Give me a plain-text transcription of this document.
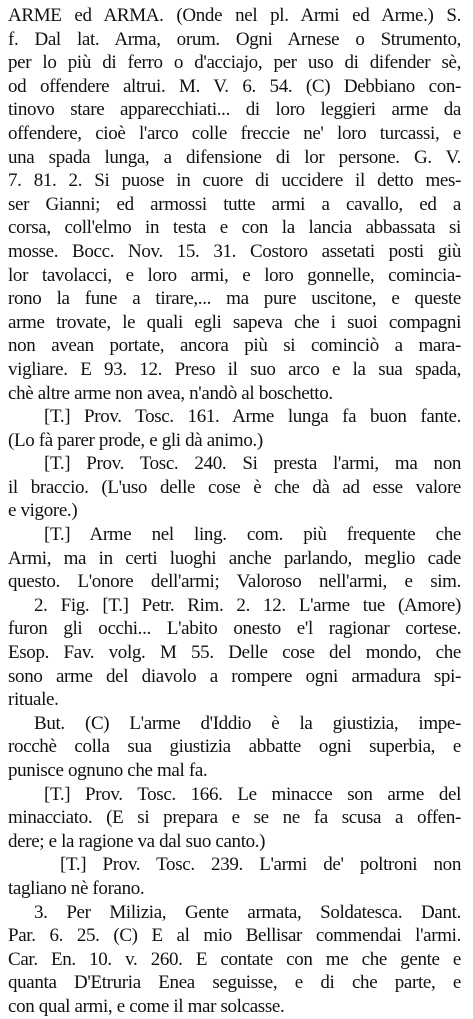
ARME ed ARMA. (Onde nel pl. Armi ed Arme.) S.
f. Dal lat. Arma, orum. Ogni Arnese o Strumento,
per lo più di ferro o d'acciajo, per uso di difender sè,
od offendere altrui. M. V. 6. 54. (C) Debbiano con-
tinovo stare apparecchiati... di loro leggieri arme da
offendere, cioè l'arco colle freccie ne' loro turcassi, e
una spada lunga, a difensione di lor persone. G. V.
7. 81. 2. Si puose in cuore di uccidere il detto mes-
ser Gianni; ed armossi tutte armi a cavallo, ed a
corsa, coll'elmo in testa e con la lancia abbassata si
mosse. Bocc. Nov. 15. 31. Costoro assetati posti giù
lor tavolacci, e loro armi, e loro gonnelle, comincia-
rono la fune a tirare,... ma pure uscitone, e queste
arme trovate, le quali egli sapeva che i suoi compagni
non avean portate, ancora più si cominciò a mara-
vigliare. E 93. 12. Preso il suo arco e la sua spada,
chè altre arme non avea, n'andò al boschetto.
[T.] Prov. Tosc. 161. Arme lunga fa buon fante.
(Lo fà parer prode, e gli dà animo.)
[T.] Prov. Tosc. 240. Si presta l'armi, ma non
il braccio. (L'uso delle cose è che dà ad esse valore
e vigore.)
[T.] Arme nel ling. com. più frequente che
Armi, ma in certi luoghi anche parlando, meglio cade
questo. L'onore dell'armi; Valoroso nell'armi, e sim.
2. Fig. [T.] Petr. Rim. 2. 12. L'arme tue (Amore)
furon gli occhi... L'abito onesto e'l ragionar cortese.
Esop. Fav. volg. M 55. Delle cose del mondo, che
sono arme del diavolo a rompere ogni armadura spi-
rituale.
But. (C) L'arme d'Iddio è la giustizia, impe-
rocchè colla sua giustizia abbatte ogni superbia, e
punisce ognuno che mal fa.
[T.] Prov. Tosc. 166. Le minacce son arme del
minacciato. (E si prepara e se ne fa scusa a offen-
dere; e la ragione va dal suo canto.)
[T.] Prov. Tosc. 239. L'armi de' poltroni non
tagliano nè forano.
3. Per Milizia, Gente armata, Soldatesca. Dant.
Par. 6. 25. (C) E al mio Bellisar commendai l'armi.
Car. En. 10. v. 260. E contate con me che gente e
quanta D'Etruria Enea seguisse, e di che parte, e
con qual armi, e come il mar solcasse.
